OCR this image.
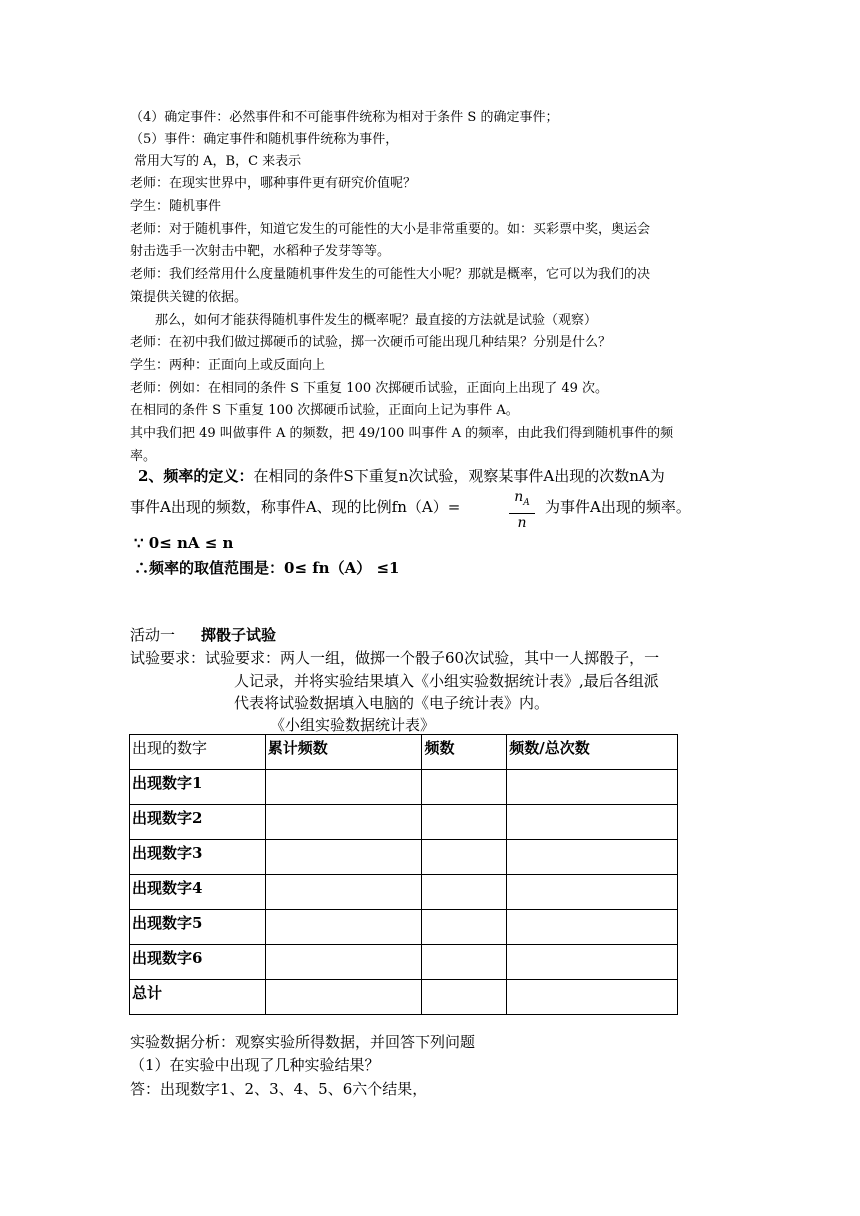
（4）确定事件：必然事件和不可能事件统称为相对于条件 S 的确定事件；
（5）事件：确定事件和随机事件统称为事件，
常用大写的 A，B，C 来表示
老师：在现实世界中，哪种事件更有研究价值呢？
学生：随机事件
老师：对于随机事件，知道它发生的可能性的大小是非常重要的。如：买彩票中奖，奥运会
射击选手一次射击中靶，水稻种子发芽等等。
老师：我们经常用什么度量随机事件发生的可能性大小呢？那就是概率，它可以为我们的决
策提供关键的依据。
那么，如何才能获得随机事件发生的概率呢？最直接的方法就是试验（观察）
老师：在初中我们做过掷硬币的试验，掷一次硬币可能出现几种结果？分别是什么？
学生：两种：正面向上或反面向上
老师：例如：在相同的条件 S 下重复 100 次掷硬币试验，正面向上出现了 49 次。
在相同的条件 S 下重复 100 次掷硬币试验，正面向上记为事件 A。
其中我们把 49 叫做事件 A 的频数，把 49/100 叫事件 A 的频率，由此我们得到随机事件的频
率。
2、频率的定义：在相同的条件S下重复n次试验，观察某事件A出现的次数nA为
事件A出现的频数，称事件A、现的比例fn（A）=	$\frac{n_A}{n}$ 为事件A出现的频率。
∵ 0≤ nA ≤ n
∴频率的取值范围是：0≤ fn（A） ≤1
活动一 掷骰子试验
试验要求：试验要求：两人一组，做掷一个骰子60次试验，其中一人掷骰子，一
人记录，并将实验结果填入《小组实验数据统计表》,最后各组派
代表将试验数据填入电脑的《电子统计表》内。
《小组实验数据统计表》
出现的数字	累计频数	频数	频数/总次数
出现数字1			
出现数字2			
出现数字3			
出现数字4			
出现数字5			
出现数字6			
总计			
实验数据分析：观察实验所得数据，并回答下列问题
（1）在实验中出现了几种实验结果？
答：出现数字1、2、3、4、5、6六个结果，
